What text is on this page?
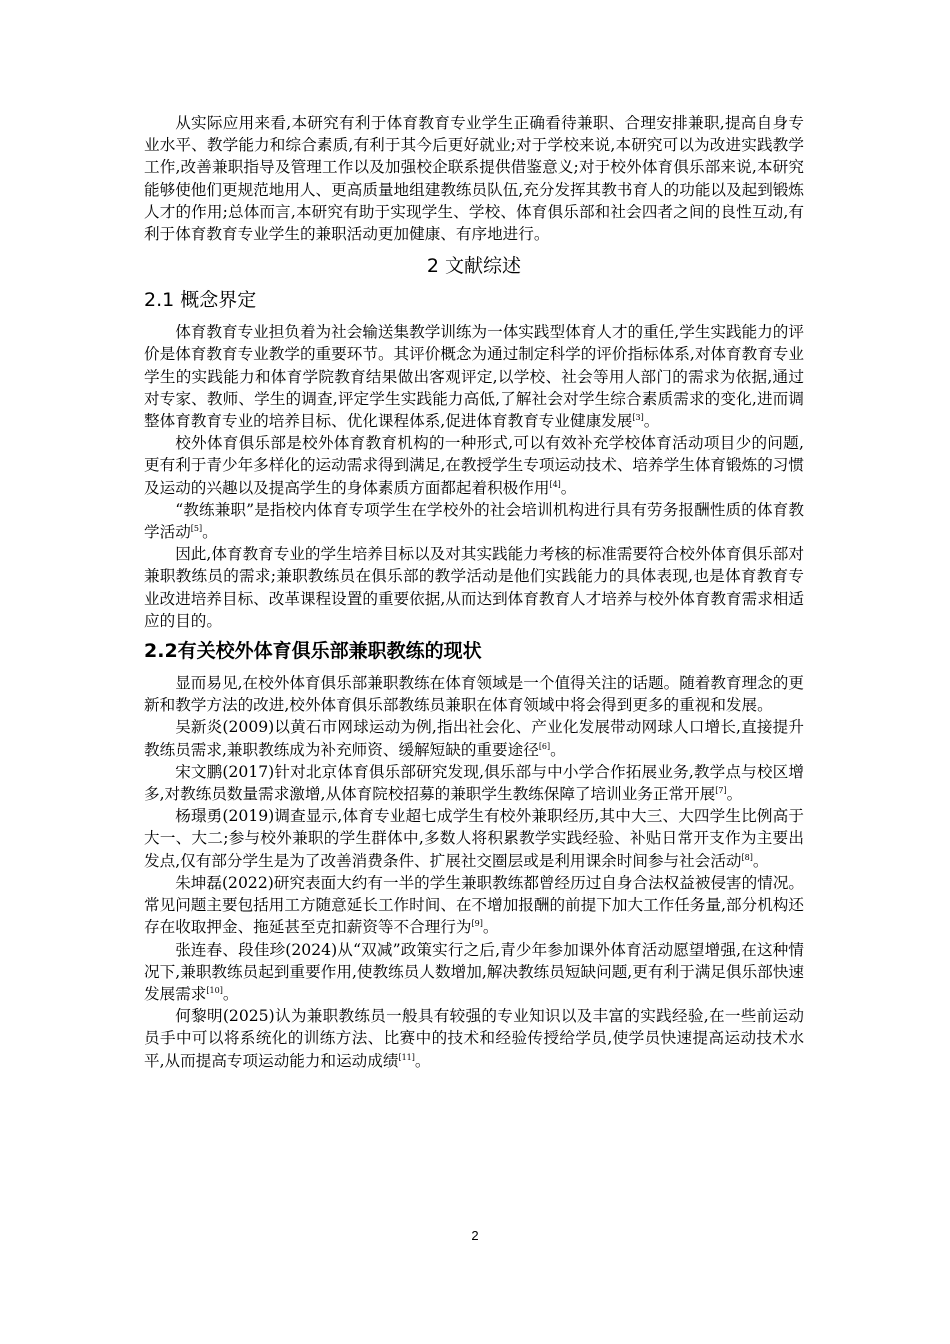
从实际应用来看,本研究有利于体育教育专业学生正确看待兼职、合理安排兼职,提高自身专业水平、教学能力和综合素质,有利于其今后更好就业;对于学校来说,本研究可以为改进实践教学工作,改善兼职指导及管理工作以及加强校企联系提供借鉴意义;对于校外体育俱乐部来说,本研究能够使他们更规范地用人、更高质量地组建教练员队伍,充分发挥其教书育人的功能以及起到锻炼人才的作用;总体而言,本研究有助于实现学生、学校、体育俱乐部和社会四者之间的良性互动,有利于体育教育专业学生的兼职活动更加健康、有序地进行。

2 文献综述
2.1 概念界定

体育教育专业担负着为社会输送集教学训练为一体实践型体育人才的重任,学生实践能力的评价是体育教育专业教学的重要环节。其评价概念为通过制定科学的评价指标体系,对体育教育专业学生的实践能力和体育学院教育结果做出客观评定,以学校、社会等用人部门的需求为依据,通过对专家、教师、学生的调查,评定学生实践能力高低,了解社会对学生综合素质需求的变化,进而调整体育教育专业的培养目标、优化课程体系,促进体育教育专业健康发展[3]。

校外体育俱乐部是校外体育教育机构的一种形式,可以有效补充学校体育活动项目少的问题,更有利于青少年多样化的运动需求得到满足,在教授学生专项运动技术、培养学生体育锻炼的习惯及运动的兴趣以及提高学生的身体素质方面都起着积极作用[4]。

“教练兼职”是指校内体育专项学生在学校外的社会培训机构进行具有劳务报酬性质的体育教学活动[5]。

因此,体育教育专业的学生培养目标以及对其实践能力考核的标准需要符合校外体育俱乐部对兼职教练员的需求;兼职教练员在俱乐部的教学活动是他们实践能力的具体表现,也是体育教育专业改进培养目标、改革课程设置的重要依据,从而达到体育教育人才培养与校外体育教育需求相适应的目的。

2.2有关校外体育俱乐部兼职教练的现状

显而易见,在校外体育俱乐部兼职教练在体育领域是一个值得关注的话题。随着教育理念的更新和教学方法的改进,校外体育俱乐部教练员兼职在体育领域中将会得到更多的重视和发展。

吴新炎(2009)以黄石市网球运动为例,指出社会化、产业化发展带动网球人口增长,直接提升教练员需求,兼职教练成为补充师资、缓解短缺的重要途径[6]。

宋文鹏(2017)针对北京体育俱乐部研究发现,俱乐部与中小学合作拓展业务,教学点与校区增多,对教练员数量需求激增,从体育院校招募的兼职学生教练保障了培训业务正常开展[7]。

杨璟勇(2019)调查显示,体育专业超七成学生有校外兼职经历,其中大三、大四学生比例高于大一、大二;参与校外兼职的学生群体中,多数人将积累教学实践经验、补贴日常开支作为主要出发点,仅有部分学生是为了改善消费条件、扩展社交圈层或是利用课余时间参与社会活动[8]。

朱坤磊(2022)研究表面大约有一半的学生兼职教练都曾经历过自身合法权益被侵害的情况。常见问题主要包括用工方随意延长工作时间、在不增加报酬的前提下加大工作任务量,部分机构还存在收取押金、拖延甚至克扣薪资等不合理行为[9]。

张连春、段佳珍(2024)从“双减”政策实行之后,青少年参加课外体育活动愿望增强,在这种情况下,兼职教练员起到重要作用,使教练员人数增加,解决教练员短缺问题,更有利于满足俱乐部快速发展需求[10]。

何黎明(2025)认为兼职教练员一般具有较强的专业知识以及丰富的实践经验,在一些前运动员手中可以将系统化的训练方法、比赛中的技术和经验传授给学员,使学员快速提高运动技术水平,从而提高专项运动能力和运动成绩[11]。

2
